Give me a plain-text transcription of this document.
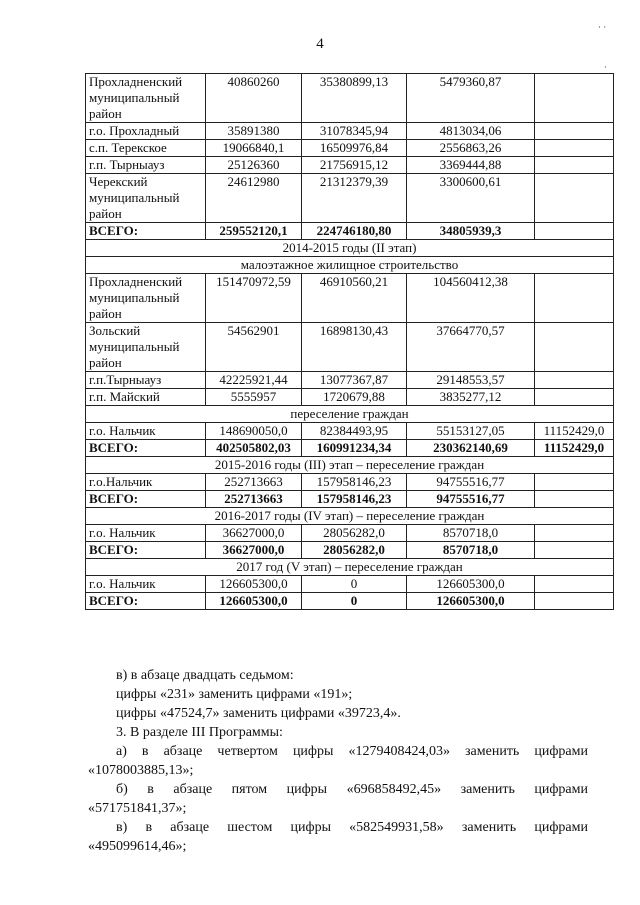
4
· ·
·
Прохладненский муниципальный район	40860260	35380899,13	5479360,87	
г.о. Прохладный	35891380	31078345,94	4813034,06	
с.п. Терекское	19066840,1	16509976,84	2556863,26	
г.п. Тырныауз	25126360	21756915,12	3369444,88	
Черекский муниципальный район	24612980	21312379,39	3300600,61	
ВСЕГО:	259552120,1	224746180,80	34805939,3	
2014-2015 годы (II этап)				
малоэтажное жилищное строительство				
Прохладненский муниципальный район	151470972,59	46910560,21	104560412,38	
Зольский муниципальный район	54562901	16898130,43	37664770,57	
г.п.Тырныауз	42225921,44	13077367,87	29148553,57	
г.п. Майский	5555957	1720679,88	3835277,12	
переселение граждан				
г.о. Нальчик	148690050,0	82384493,95	55153127,05	11152429,0
ВСЕГО:	402505802,03	160991234,34	230362140,69	11152429,0
2015-2016 годы (III) этап – переселение граждан				
г.о.Нальчик	252713663	157958146,23	94755516,77	
ВСЕГО:	252713663	157958146,23	94755516,77	
2016-2017 годы (IV этап) – переселение граждан				
г.о. Нальчик	36627000,0	28056282,0	8570718,0	
ВСЕГО:	36627000,0	28056282,0	8570718,0	
2017 год (V этап) – переселение граждан				
г.о. Нальчик	126605300,0	0	126605300,0	
ВСЕГО:	126605300,0	0	126605300,0	

в) в абзаце двадцать седьмом:

цифры «231» заменить цифрами «191»;

цифры «47524,7» заменить цифрами «39723,4».

3. В разделе III Программы:

а) в абзаце четвертом цифры «1279408424,03» заменить цифрами

«1078003885,13»;

б) в абзаце пятом цифры «696858492,45» заменить цифрами

«571751841,37»;

в) в абзаце шестом цифры «582549931,58» заменить цифрами

«495099614,46»;
